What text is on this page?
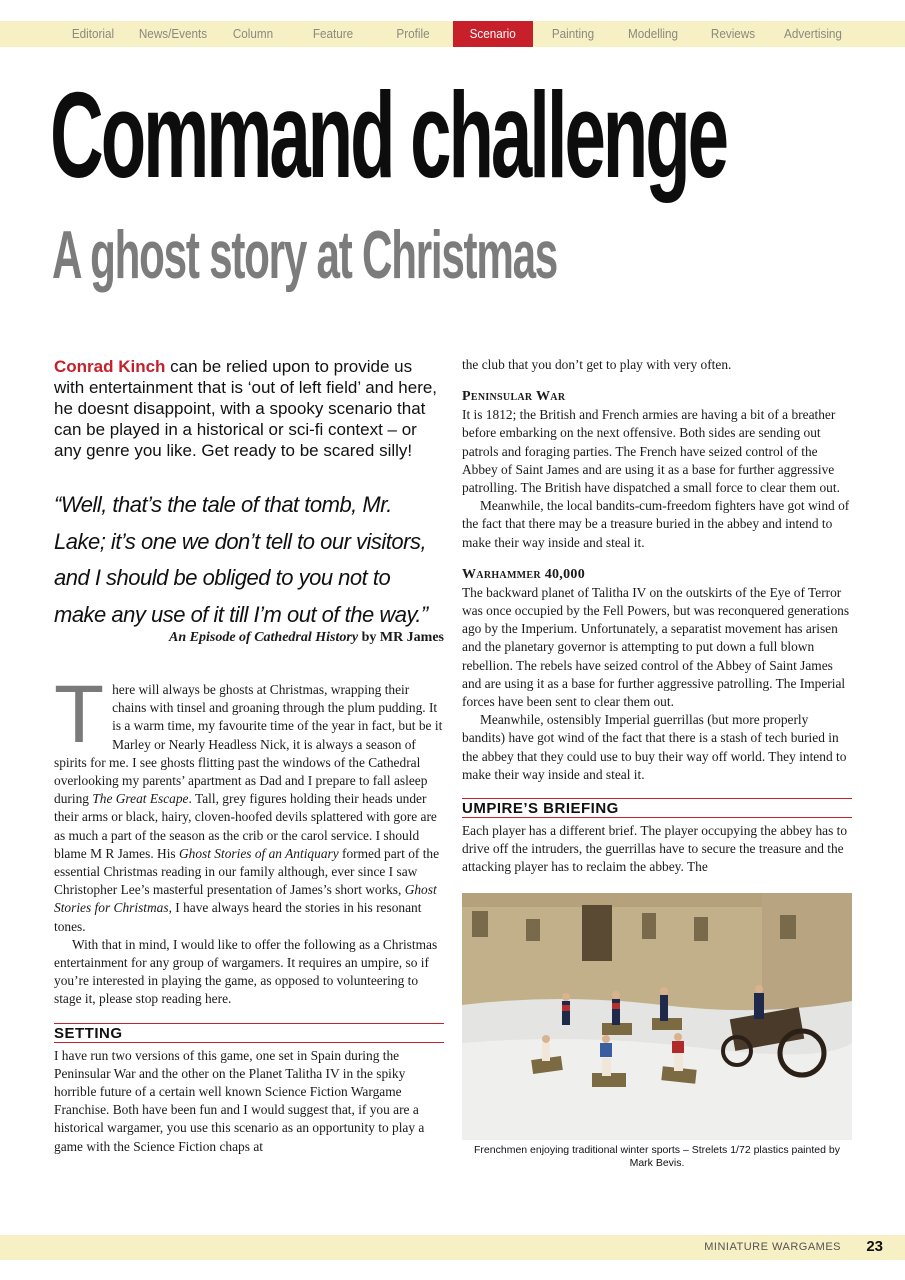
Editorial	News/Events	Column	Feature	Profile	Scenario	Painting	Modelling	Reviews	Advertising
Command challenge
A ghost story at Christmas

Conrad Kinch can be relied upon to provide us with entertainment that is ‘out of left field’ and here, he doesnt disappoint, with a spooky scenario that can be played in a historical or sci-fi context – or any genre you like. Get ready to be scared silly!

“Well, that’s the tale of that tomb, Mr. Lake; it’s one we don’t tell to our visitors, and I should be obliged to you not to make any use of it till I’m out of the way.”

An Episode of Cathedral History by MR James

There will always be ghosts at Christmas, wrapping their chains with tinsel and groaning through the plum pudding. It is a warm time, my favourite time of the year in fact, but be it Marley or Nearly Headless Nick, it is always a season of spirits for me. I see ghosts flitting past the windows of the Cathedral overlooking my parents’ apartment as Dad and I prepare to fall asleep during The Great Escape. Tall, grey figures holding their heads under their arms or black, hairy, cloven-hoofed devils splattered with gore are as much a part of the season as the crib or the carol service. I should blame M R James. His Ghost Stories of an Antiquary formed part of the essential Christmas reading in our family although, ever since I saw Christopher Lee’s masterful presentation of James’s short works, Ghost Stories for Christmas, I have always heard the stories in his resonant tones.

With that in mind, I would like to offer the following as a Christmas entertainment for any group of wargamers. It requires an umpire, so if you’re interested in playing the game, as opposed to volunteering to stage it, please stop reading here.

SETTING

I have run two versions of this game, one set in Spain during the Peninsular War and the other on the Planet Talitha IV in the spiky horrible future of a certain well known Science Fiction Wargame Franchise. Both have been fun and I would suggest that, if you are a historical wargamer, you use this scenario as an opportunity to play a game with the Science Fiction chaps at

the club that you don’t get to play with very often.

Peninsular War

It is 1812; the British and French armies are having a bit of a breather before embarking on the next offensive. Both sides are sending out patrols and foraging parties. The French have seized control of the Abbey of Saint James and are using it as a base for further aggressive patrolling. The British have dispatched a small force to clear them out.

Meanwhile, the local bandits-cum-freedom fighters have got wind of the fact that there may be a treasure buried in the abbey and intend to make their way inside and steal it.

Warhammer 40,000

The backward planet of Talitha IV on the outskirts of the Eye of Terror was once occupied by the Fell Powers, but was reconquered generations ago by the Imperium. Unfortunately, a separatist movement has arisen and the planetary governor is attempting to put down a full blown rebellion. The rebels have seized control of the Abbey of Saint James and are using it as a base for further aggressive patrolling. The Imperial forces have been sent to clear them out.

Meanwhile, ostensibly Imperial guerrillas (but more properly bandits) have got wind of the fact that there is a stash of tech buried in the abbey that they could use to buy their way off world. They intend to make their way inside and steal it.

UMPIRE’S BRIEFING

Each player has a different brief. The player occupying the abbey has to drive off the intruders, the guerrillas have to secure the treasure and the attacking player has to reclaim the abbey. The

Frenchmen enjoying traditional winter sports – Strelets 1/72 plastics painted by Mark Bevis.
MINIATURE WARGAMES 23
